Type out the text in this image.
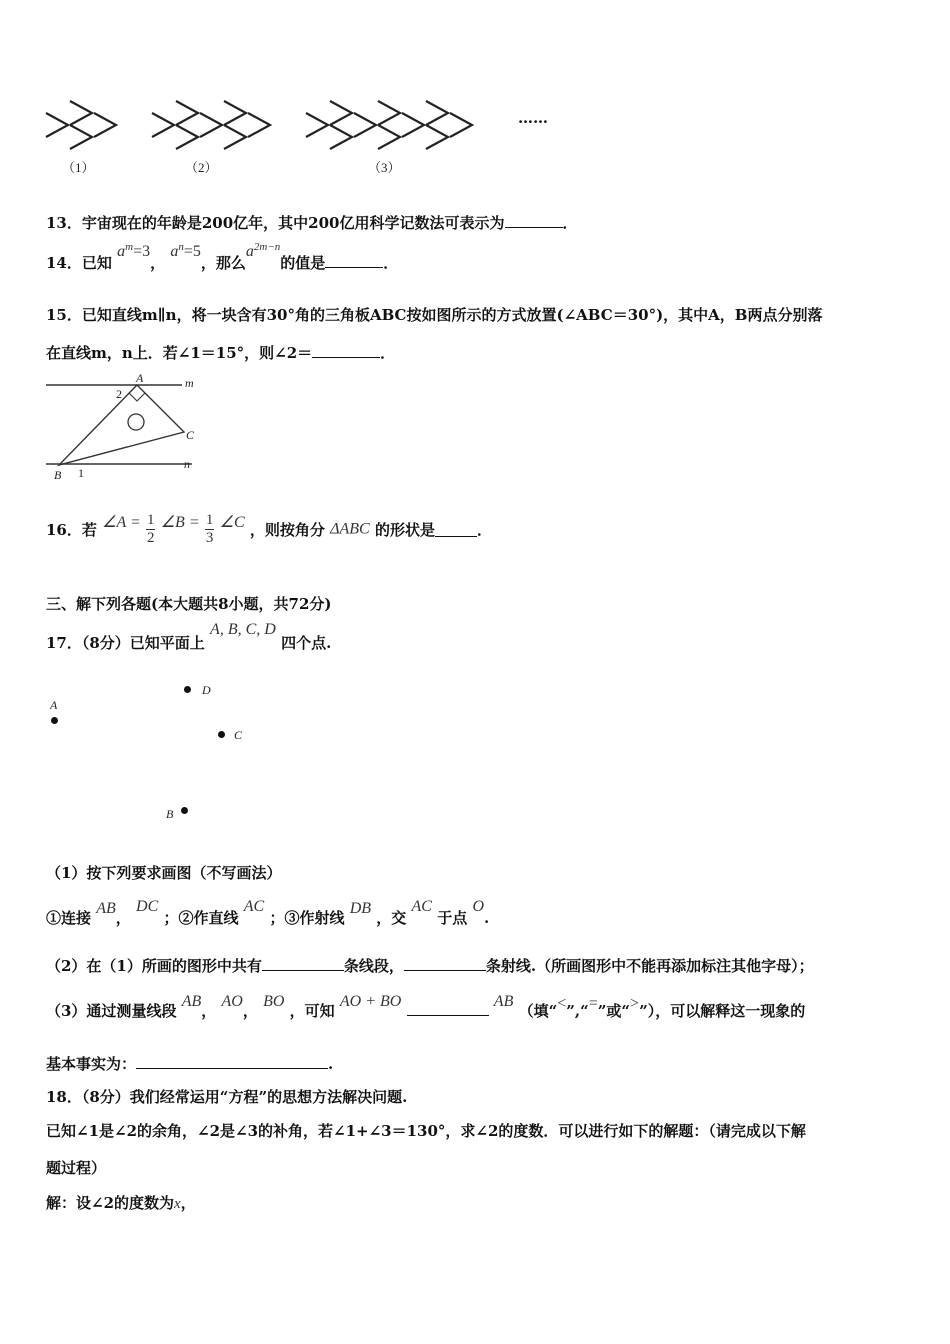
（1）	（2）	（3）
……
13．宇宙现在的年龄是200亿年，其中200亿用科学记数法可表示为	．
14．已知 $a^m=3$， $a^n=5$，那么$a^{2m-n}$的值是	．
15．已知直线m∥n，将一块含有30°角的三角板ABC按如图所示的方式放置(∠ABC＝30°)，其中A，B两点分别落
在直线m，n上．若∠1＝15°，则∠2＝	．
A	m
2
C
n
B 1
16．若 ∠A = $\frac{1}{2}$ ∠B = $\frac{1}{3}$ ∠C ，则按角分 ΔABC 的形状是	．
三、解下列各题(本大题共8小题，共72分)
17．（8分）已知平面上 A, B, C, D 四个点.
A
D
C
B
（1）按下列要求画图（不写画法）
①连接 AB， DC ；②作直线 AC ；③作射线 DB ，交 AC 于点 O.
（2）在（1）所画的图形中共有	条线段，	条射线.（所画图形中不能再添加标注其他字母）；
（3）通过测量线段 AB， AO， BO ，可知 AO + BO	AB （填“<”,“=”或“>”），可以解释这一现象的
基本事实为：	.
18．（8分）我们经常运用“方程”的思想方法解决问题.
已知∠1是∠2的余角，∠2是∠3的补角，若∠1+∠3＝130°，求∠2的度数．可以进行如下的解题：（请完成以下解
题过程）
解：设∠2的度数为x，
